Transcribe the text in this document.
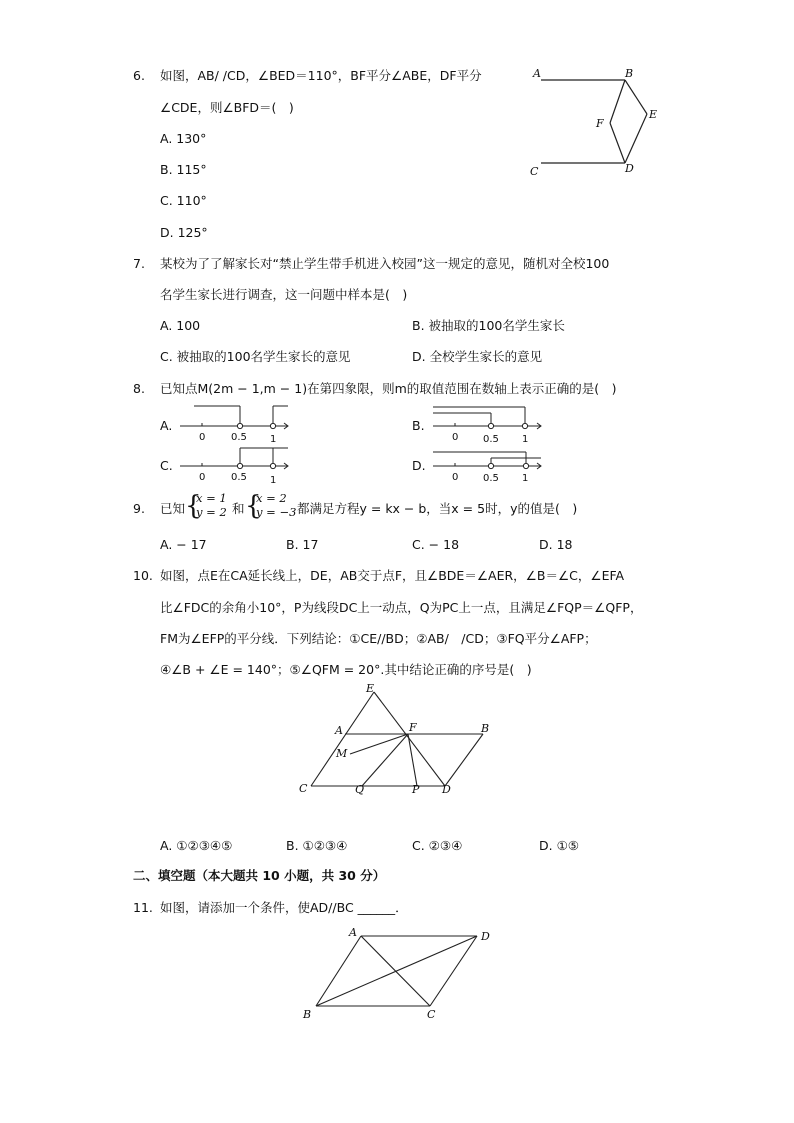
6. 如图，AB/ /CD，∠BED＝110°，BF平分∠ABE，DF平分
∠CDE，则∠BFD＝(　)
A. 130°
B. 115°
C. 110°
D. 125°
A	B
E
F
C	D
7. 某校为了了解家长对“禁止学生带手机进入校园”这一规定的意见，随机对全校100
名学生家长进行调查，这一问题中样本是(　)
A. 100	B. 被抽取的100名学生家长
C. 被抽取的100名学生家长的意见	D. 全校学生家长的意见
8. 已知点M(2m − 1,m − 1)在第四象限，则m的取值范围在数轴上表示正确的是(　)
A.	B.
C.	D.
0	0.5 1	0 0.5 1
0	0.5 1	0 0.5 1
9. 已知 {
x = 1
y = 2 和 {
x = 2
y = −3 都满足方程y = kx − b，当x = 5时，y的值是(　)
A. − 17	B. 17	C. − 18	D. 18
10. 如图，点E在CA延长线上，DE，AB交于点F，且∠BDE＝∠AER，∠B＝∠C，∠EFA
比∠FDC的余角小10°，P为线段DC上一动点，Q为PC上一点，且满足∠FQP＝∠QFP，
FM为∠EFP的平分线．下列结论：①CE//BD；②AB/　/CD；③FQ平分∠AFP；
④∠B + ∠E = 140°；⑤∠QFM = 20°.其中结论正确的序号是(　)
E
A	F	B
M
C	Q	P D
A. ①②③④⑤	B. ①②③④	C. ②③④	D. ①⑤
二、填空题（本大题共 10 小题，共 30 分）
11. 如图，请添加一个条件，使AD//BC ______．
A	D
B	C
